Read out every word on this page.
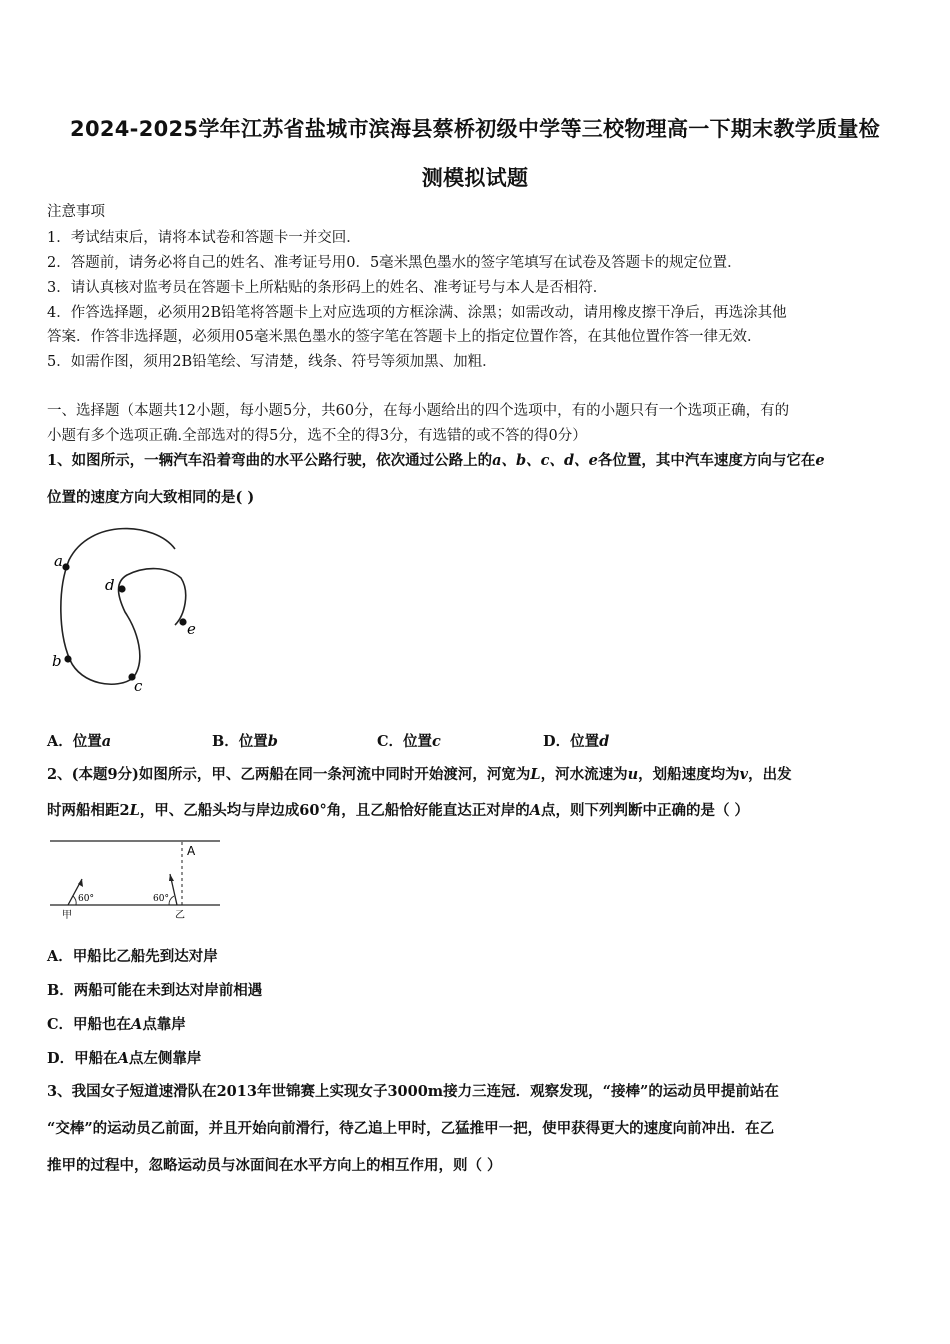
2024-2025学年江苏省盐城市滨海县蔡桥初级中学等三校物理高一下期末教学质量检
测模拟试题
注意事项
1．考试结束后，请将本试卷和答题卡一并交回．
2．答题前，请务必将自己的姓名、准考证号用0．5毫米黑色墨水的签字笔填写在试卷及答题卡的规定位置．
3．请认真核对监考员在答题卡上所粘贴的条形码上的姓名、准考证号与本人是否相符．
4．作答选择题，必须用2B铅笔将答题卡上对应选项的方框涂满、涂黑；如需改动，请用橡皮擦干净后，再选涂其他
答案．作答非选择题，必须用05毫米黑色墨水的签字笔在答题卡上的指定位置作答，在其他位置作答一律无效．
5．如需作图，须用2B铅笔绘、写清楚，线条、符号等须加黑、加粗．
一、选择题（本题共12小题，每小题5分，共60分，在每小题给出的四个选项中，有的小题只有一个选项正确，有的
小题有多个选项正确.全部选对的得5分，选不全的得3分，有选错的或不答的得0分）
1、如图所示，一辆汽车沿着弯曲的水平公路行驶，依次通过公路上的a、b、c、d、e各位置，其中汽车速度方向与它在e
位置的速度方向大致相同的是( )
a
b
c
d
e
A．位置a	B．位置b	C．位置c	D．位置d
2、(本题9分)如图所示，甲、乙两船在同一条河流中同时开始渡河，河宽为L，河水流速为u，划船速度均为v，出发
时两船相距2L，甲、乙船头均与岸边成60°角，且乙船恰好能直达正对岸的A点，则下列判断中正确的是（ ）
A
60°
甲
60°
乙
A．甲船比乙船先到达对岸
B．两船可能在未到达对岸前相遇
C．甲船也在A点靠岸
D．甲船在A点左侧靠岸
3、我国女子短道速滑队在2013年世锦赛上实现女子3000m接力三连冠．观察发现，“接棒”的运动员甲提前站在
“交棒”的运动员乙前面，并且开始向前滑行，待乙追上甲时，乙猛推甲一把，使甲获得更大的速度向前冲出．在乙
推甲的过程中，忽略运动员与冰面间在水平方向上的相互作用，则（ ）
